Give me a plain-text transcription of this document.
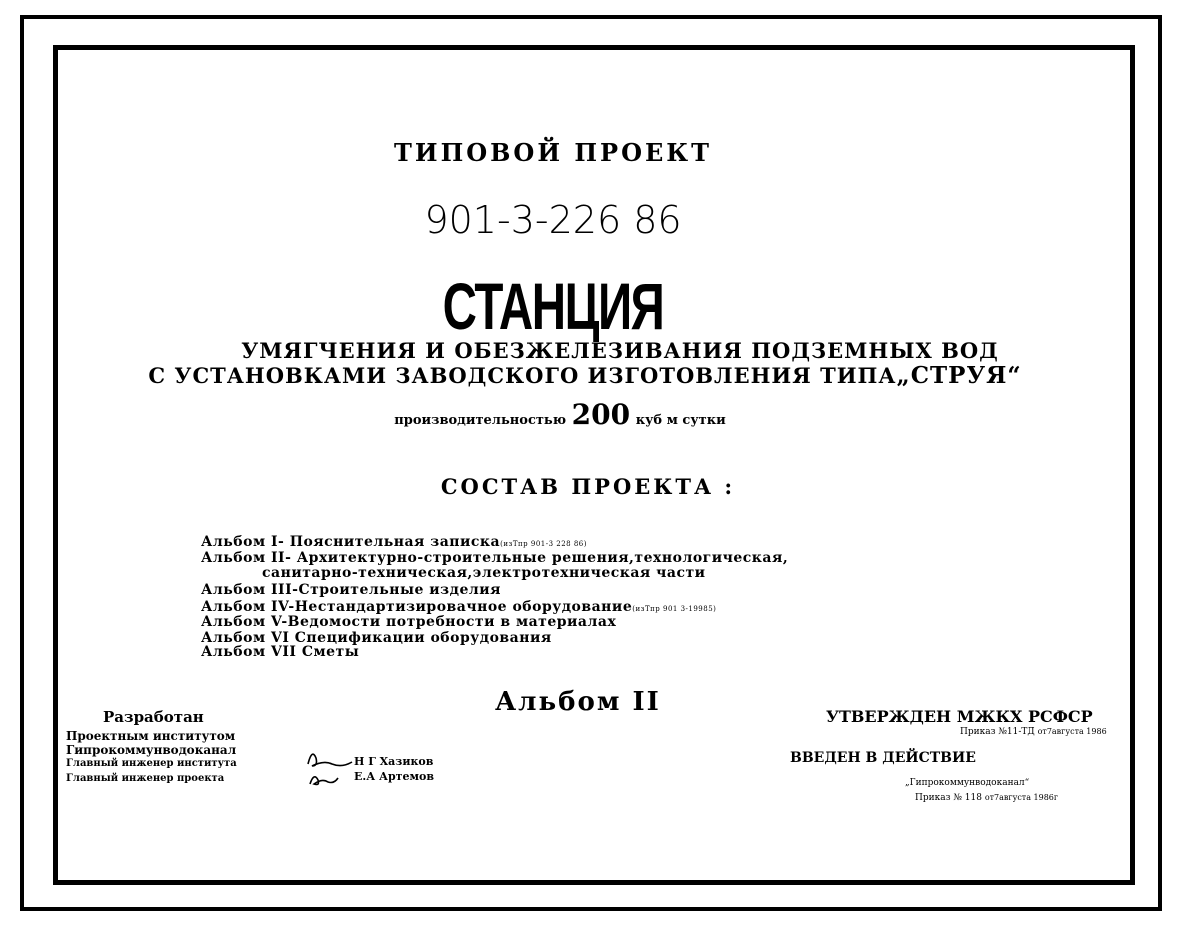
ТИПОВОЙ ПРОЕКТ
901-3-226 86
СТАНЦИЯ
УМЯГЧЕНИЯ И ОБЕЗЖЕЛЕЗИВАНИЯ ПОДЗЕМНЫХ ВОД
С УСТАНОВКАМИ ЗАВОДСКОГО ИЗГОТОВЛЕНИЯ ТИПА„СТРУЯ“
производительностью 200 куб м сутки
СОСТАВ ПРОЕКТА :
Альбом I- Пояснительная записка(изТпр 901-3 228 86)
Альбом II- Архитектурно-строительные решения,технологическая,
санитарно-техническая,электротехническая части
Альбом III-Строительные изделия
Альбом IV-Нестандартизировачное оборудование(изТпр 901 3-19985)
Альбом V-Ведомости потребности в материалах
Альбом VI Спецификации оборудования
Альбом VII Сметы
Альбом II
Разработан
Проектным институтом
Гипрокоммунводоканал
Главный инженер института
Главный инженер проекта
Н Г Хазиков
Е.А Артемов
УТВЕРЖДЕН МЖКХ РСФСР
Приказ №11-ТД от7августа 1986
ВВЕДЕН В ДЕЙСТВИЕ
„Гипрокоммунводоканал“
Приказ № 118 от7августа 1986г
